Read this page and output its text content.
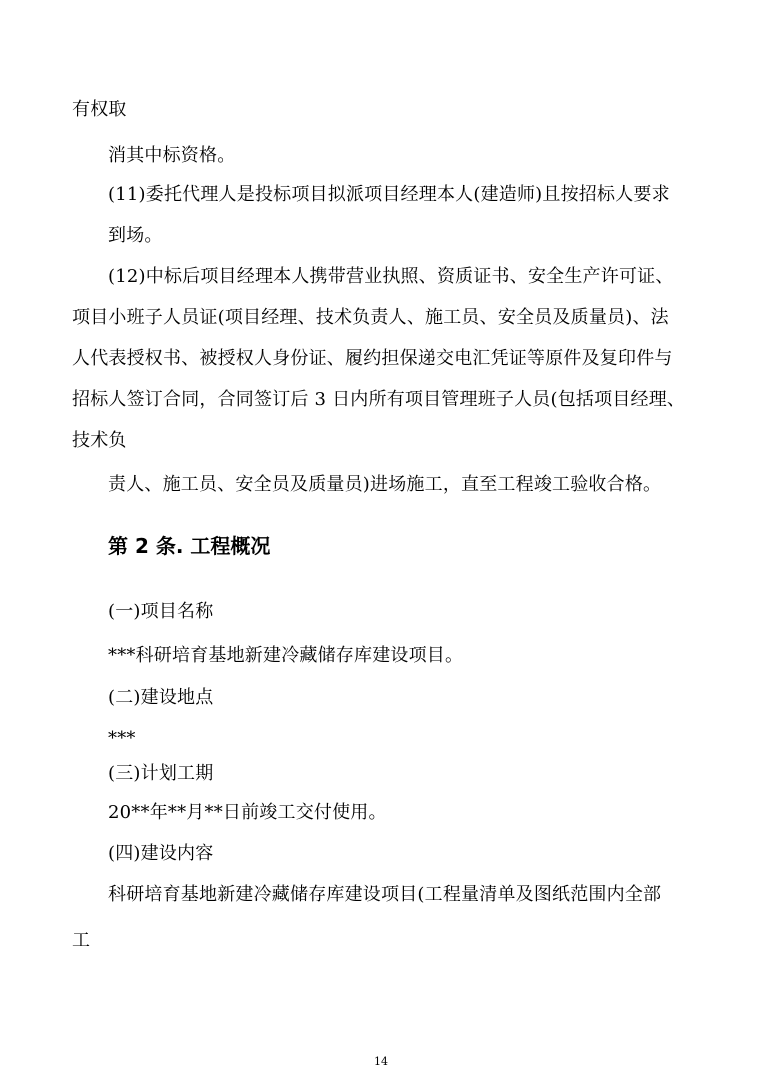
有权取
消其中标资格。
(11)委托代理人是投标项目拟派项目经理本人(建造师)且按招标人要求
到场。
(12)中标后项目经理本人携带营业执照、资质证书、安全生产许可证、
项目小班子人员证(项目经理、技术负责人、施工员、安全员及质量员)、法
人代表授权书、被授权人身份证、履约担保递交电汇凭证等原件及复印件与
招标人签订合同，合同签订后 3 日内所有项目管理班子人员(包括项目经理、
技术负
责人、施工员、安全员及质量员)进场施工，直至工程竣工验收合格。
第 2 条. 工程概况
(一)项目名称
***科研培育基地新建冷藏储存库建设项目。
(二)建设地点
***
(三)计划工期
20**年**月**日前竣工交付使用。
(四)建设内容
科研培育基地新建冷藏储存库建设项目(工程量清单及图纸范围内全部
工
14
